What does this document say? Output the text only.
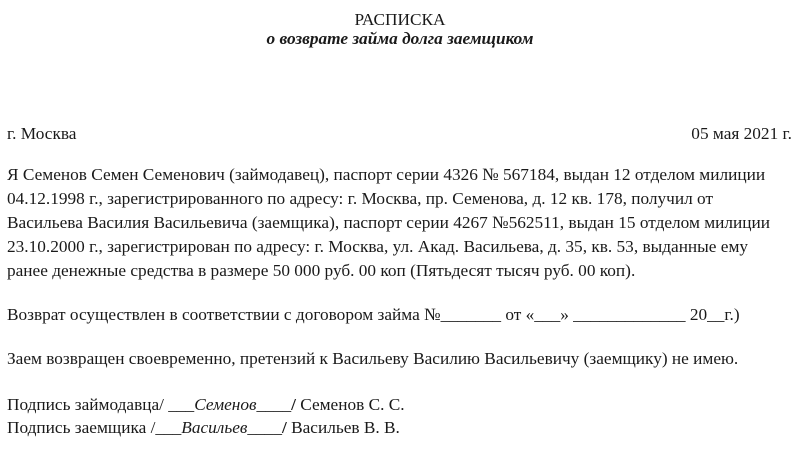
РАСПИСКА
о возврате займа долга заемщиком
г. Москва	05 мая 2021 г.
Я Семенов Семен Семенович (займодавец), паспорт серии 4326 № 567184, выдан 12 отделом милиции
04.12.1998 г., зарегистрированного по адресу: г. Москва, пр. Семенова, д. 12 кв. 178, получил от
Васильева Василия Васильевича (заемщика), паспорт серии 4267 №562511, выдан 15 отделом милиции
23.10.2000 г., зарегистрирован по адресу: г. Москва, ул. Акад. Васильева, д. 35, кв. 53, выданные ему
ранее денежные средства в размере 50 000 руб. 00 коп (Пятьдесят тысяч руб. 00 коп).
Возврат осуществлен в соответствии с договором займа №_______ от «___» _____________ 20__г.)
Заем возвращен своевременно, претензий к Васильеву Василию Васильевичу (заемщику) не имею.
Подпись займодавца/ ___Семенов____/ Семенов С. С.
Подпись заемщика /___Васильев____/ Васильев В. В.
